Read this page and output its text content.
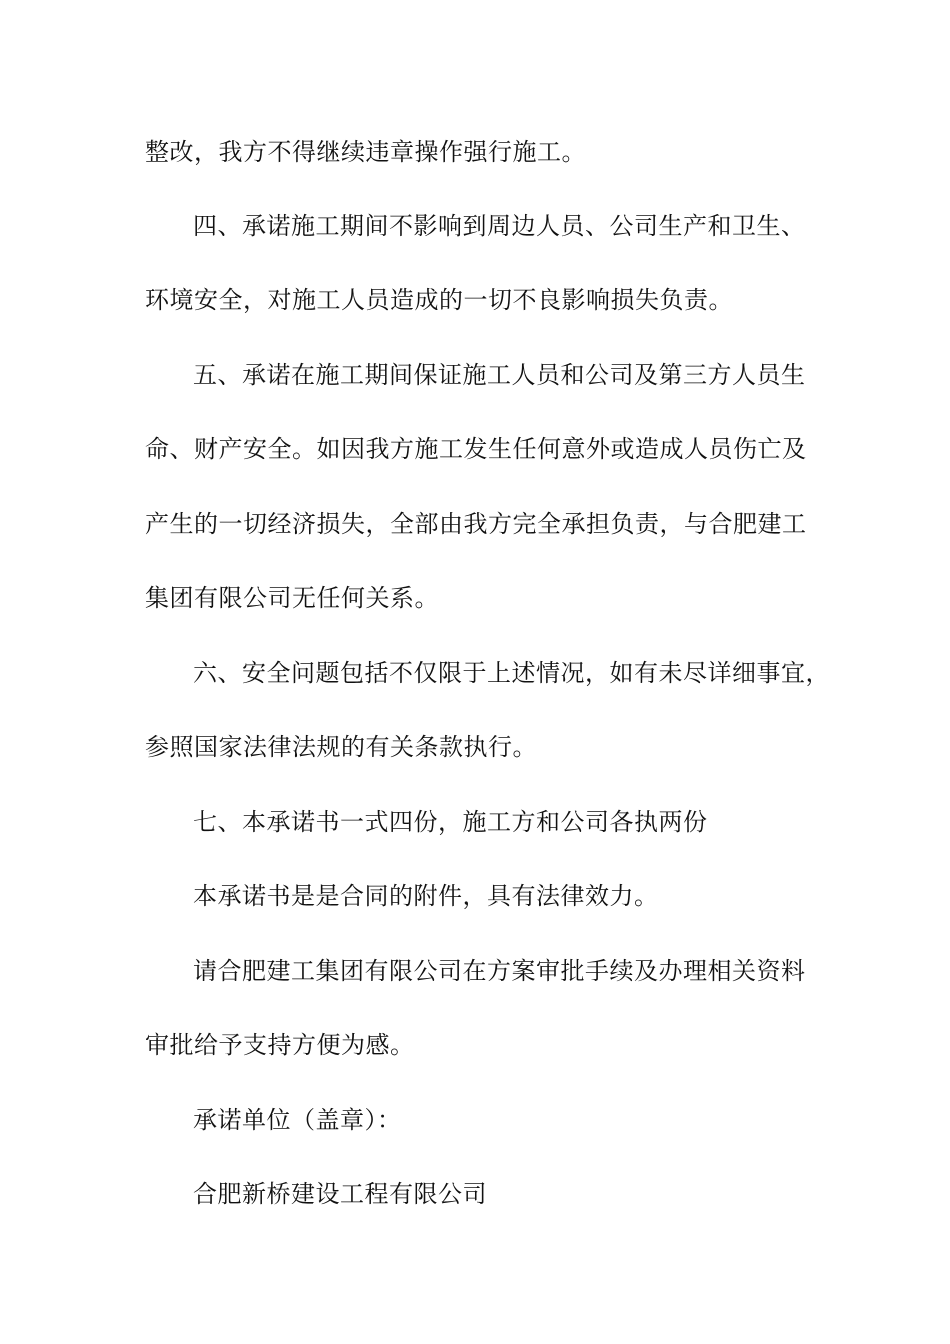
整改，我方不得继续违章操作强行施工。
四、承诺施工期间不影响到周边人员、公司生产和卫生、
环境安全，对施工人员造成的一切不良影响损失负责。
五、承诺在施工期间保证施工人员和公司及第三方人员生
命、财产安全。如因我方施工发生任何意外或造成人员伤亡及
产生的一切经济损失，全部由我方完全承担负责，与合肥建工
集团有限公司无任何关系。
六、安全问题包括不仅限于上述情况，如有未尽详细事宜，
参照国家法律法规的有关条款执行。
七、本承诺书一式四份，施工方和公司各执两份
本承诺书是是合同的附件，具有法律效力。
请合肥建工集团有限公司在方案审批手续及办理相关资料
审批给予支持方便为感。
承诺单位（盖章）：
合肥新桥建设工程有限公司
